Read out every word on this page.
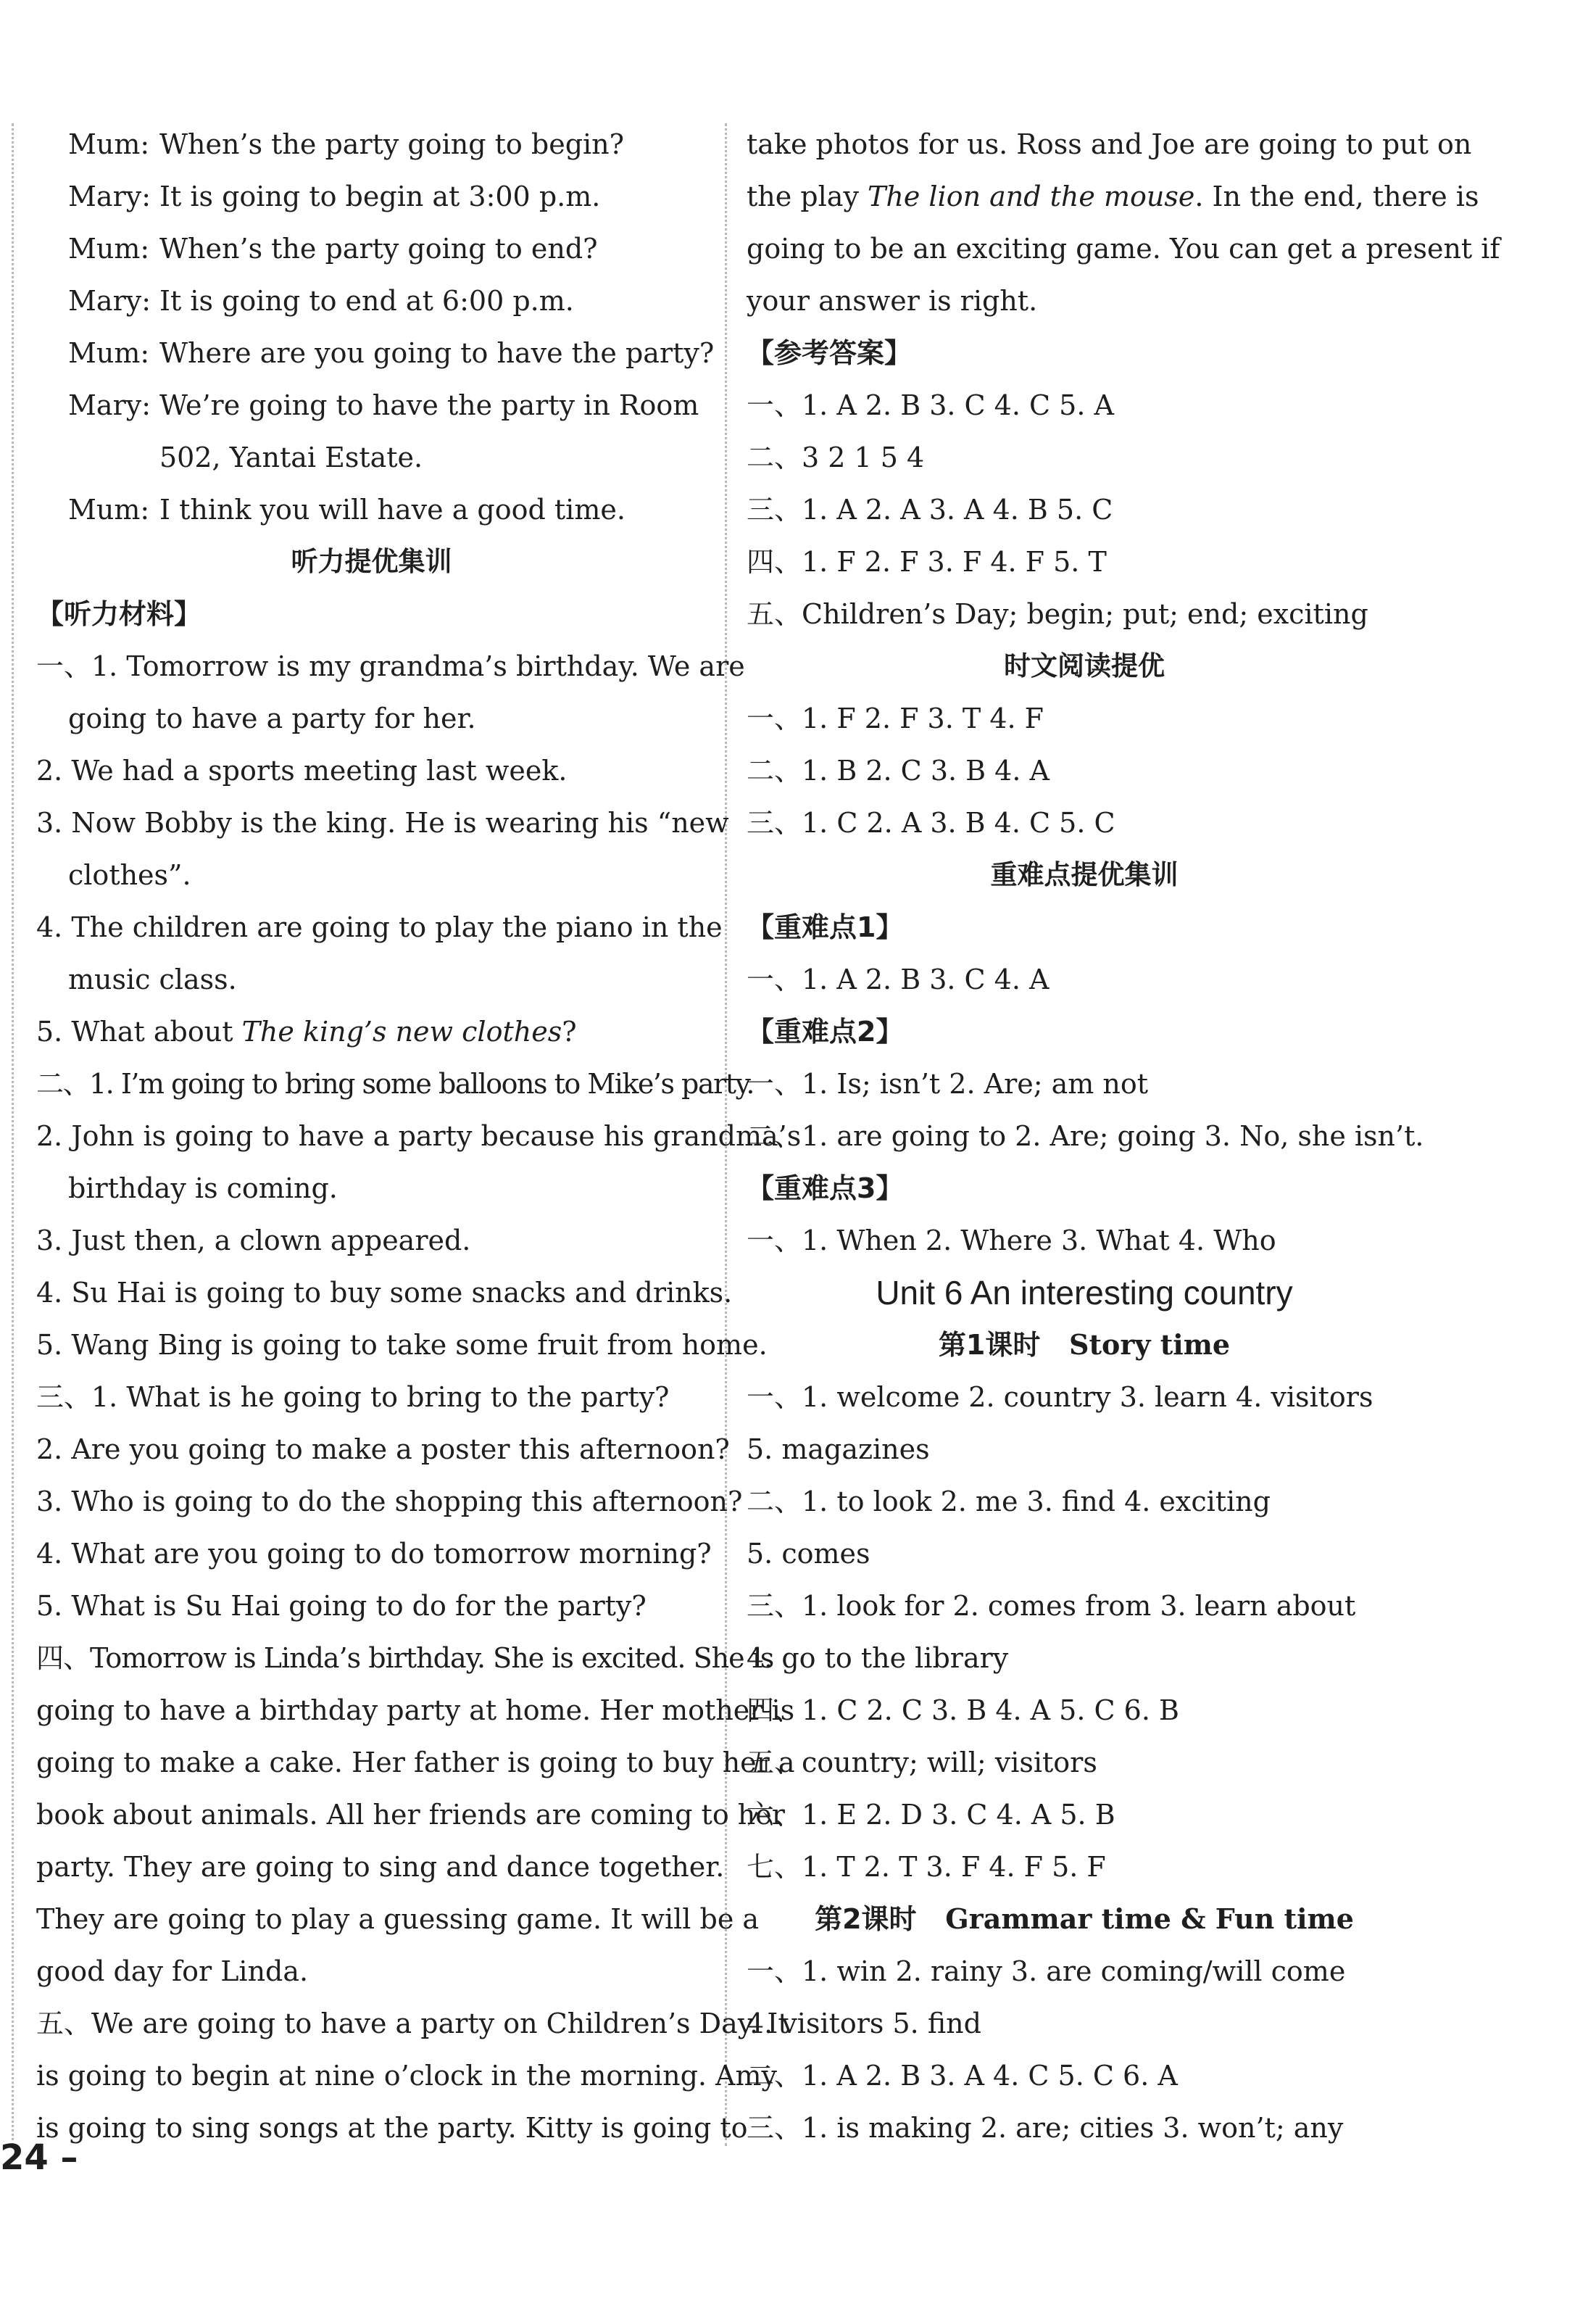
Mum: When’s the party going to begin?
Mary: It is going to begin at 3:00 p.m.
Mum: When’s the party going to end?
Mary: It is going to end at 6:00 p.m.
Mum: Where are you going to have the party?
Mary: We’re going to have the party in Room
502, Yantai Estate.
Mum: I think you will have a good time.
听力提优集训
【听力材料】
一、1. Tomorrow is my grandma’s birthday. We are
going to have a party for her.
2. We had a sports meeting last week.
3. Now Bobby is the king. He is wearing his “new
clothes”.
4. The children are going to play the piano in the
music class.
5. What about The king’s new clothes?
二、1. I’m going to bring some balloons to Mike’s party.
2. John is going to have a party because his grandma’s
birthday is coming.
3. Just then, a clown appeared.
4. Su Hai is going to buy some snacks and drinks.
5. Wang Bing is going to take some fruit from home.
三、1. What is he going to bring to the party?
2. Are you going to make a poster this afternoon?
3. Who is going to do the shopping this afternoon?
4. What are you going to do tomorrow morning?
5. What is Su Hai going to do for the party?
四、Tomorrow is Linda’s birthday. She is excited. She is
going to have a birthday party at home. Her mother is
going to make a cake. Her father is going to buy her a
book about animals. All her friends are coming to her
party. They are going to sing and dance together.
They are going to play a guessing game. It will be a
good day for Linda.
五、We are going to have a party on Children’s Day. It
is going to begin at nine o’clock in the morning. Amy
is going to sing songs at the party. Kitty is going to
take photos for us. Ross and Joe are going to put on
the play The lion and the mouse. In the end, there is
going to be an exciting game. You can get a present if
your answer is right.
【参考答案】
一、1. A 2. B 3. C 4. C 5. A
二、3 2 1 5 4
三、1. A 2. A 3. A 4. B 5. C
四、1. F 2. F 3. F 4. F 5. T
五、Children’s Day; begin; put; end; exciting
时文阅读提优
一、1. F 2. F 3. T 4. F
二、1. B 2. C 3. B 4. A
三、1. C 2. A 3. B 4. C 5. C
重难点提优集训
【重难点1】
一、1. A 2. B 3. C 4. A
【重难点2】
一、1. Is; isn’t 2. Are; am not
二、1. are going to 2. Are; going 3. No, she isn’t.
【重难点3】
一、1. When 2. Where 3. What 4. Who
Unit 6 An interesting country
第1课时 Story time
一、1. welcome 2. country 3. learn 4. visitors
5. magazines
二、1. to look 2. me 3. find 4. exciting
5. comes
三、1. look for 2. comes from 3. learn about
4. go to the library
四、1. C 2. C 3. B 4. A 5. C 6. B
五、country; will; visitors
六、1. E 2. D 3. C 4. A 5. B
七、1. T 2. T 3. F 4. F 5. F
第2课时 Grammar time & Fun time
一、1. win 2. rainy 3. are coming/will come
4. visitors 5. find
二、1. A 2. B 3. A 4. C 5. C 6. A
三、1. is making 2. are; cities 3. won’t; any
24 –
